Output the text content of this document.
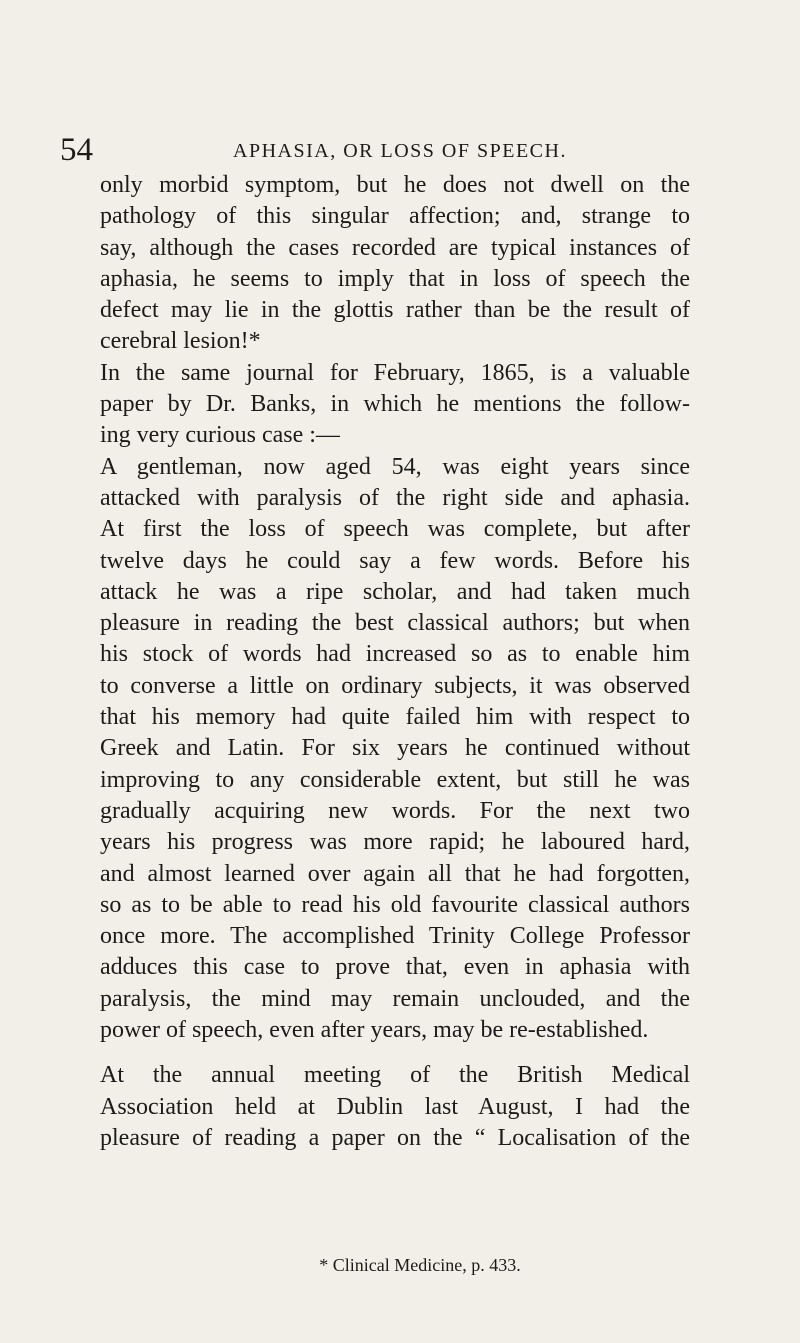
54	APHASIA, OR LOSS OF SPEECH.
only morbid symptom, but he does not dwell on the
pathology of this singular affection; and, strange to
say, although the cases recorded are typical instances of
aphasia, he seems to imply that in loss of speech the
defect may lie in the glottis rather than be the result of
cerebral lesion!*
In the same journal for February, 1865, is a valuable
paper by Dr. Banks, in which he mentions the follow-
ing very curious case :—
A gentleman, now aged 54, was eight years since
attacked with paralysis of the right side and aphasia.
At first the loss of speech was complete, but after
twelve days he could say a few words. Before his
attack he was a ripe scholar, and had taken much
pleasure in reading the best classical authors; but when
his stock of words had increased so as to enable him
to converse a little on ordinary subjects, it was observed
that his memory had quite failed him with respect to
Greek and Latin. For six years he continued without
improving to any considerable extent, but still he was
gradually acquiring new words. For the next two
years his progress was more rapid; he laboured hard,
and almost learned over again all that he had forgotten,
so as to be able to read his old favourite classical authors
once more. The accomplished Trinity College Professor
adduces this case to prove that, even in aphasia with
paralysis, the mind may remain unclouded, and the
power of speech, even after years, may be re-established.
At the annual meeting of the British Medical
Association held at Dublin last August, I had the
pleasure of reading a paper on the “ Localisation of the
* Clinical Medicine, p. 433.
